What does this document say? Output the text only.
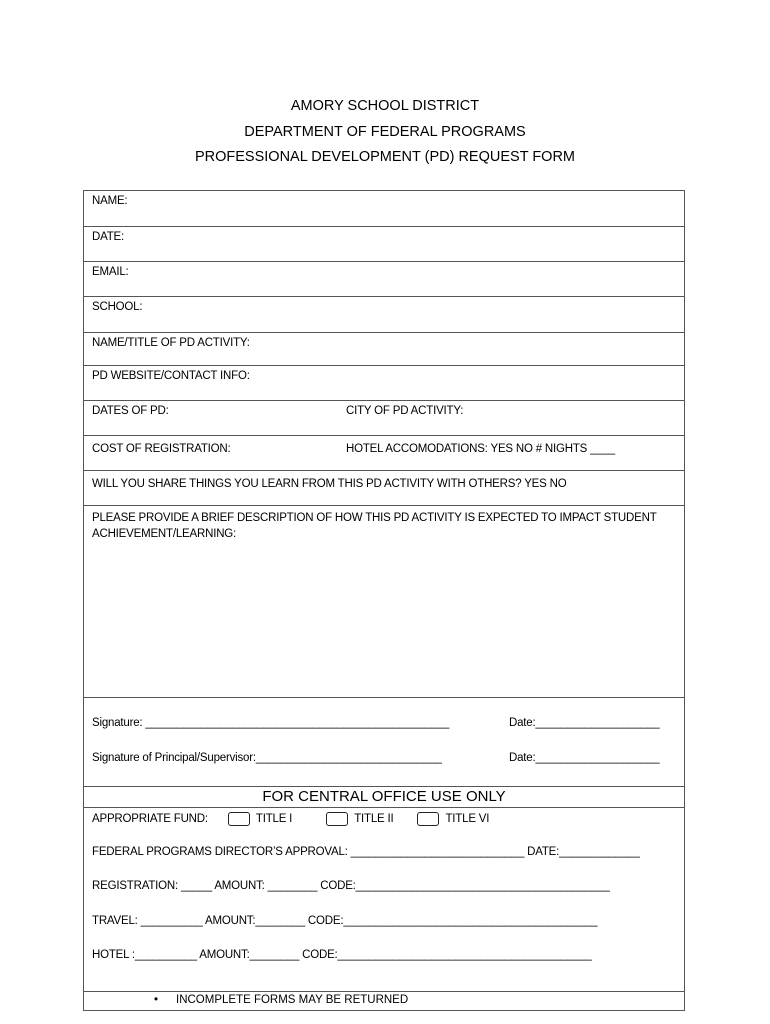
AMORY SCHOOL DISTRICT
DEPARTMENT OF FEDERAL PROGRAMS
PROFESSIONAL DEVELOPMENT (PD) REQUEST FORM
NAME:
DATE:
EMAIL:
SCHOOL:
NAME/TITLE OF PD ACTIVITY:
PD WEBSITE/CONTACT INFO:
DATES OF PD:	CITY OF PD ACTIVITY:
COST OF REGISTRATION:	HOTEL ACCOMODATIONS: YES NO # NIGHTS ____
WILL YOU SHARE THINGS YOU LEARN FROM THIS PD ACTIVITY WITH OTHERS? YES NO
PLEASE PROVIDE A BRIEF DESCRIPTION OF HOW THIS PD ACTIVITY IS EXPECTED TO IMPACT STUDENT ACHIEVEMENT/LEARNING:
Signature: _________________________________________________	Date:____________________
Signature of Principal/Supervisor:______________________________	Date:____________________
FOR CENTRAL OFFICE USE ONLY
APPROPRIATE FUND:	TITLE I	TITLE II	TITLE VI
FEDERAL PROGRAMS DIRECTOR’S APPROVAL: ____________________________ DATE:_____________
REGISTRATION: _____ AMOUNT: ________ CODE:_________________________________________
TRAVEL: __________ AMOUNT:________ CODE:_________________________________________
HOTEL :__________ AMOUNT:________ CODE:_________________________________________
• INCOMPLETE FORMS MAY BE RETURNED
